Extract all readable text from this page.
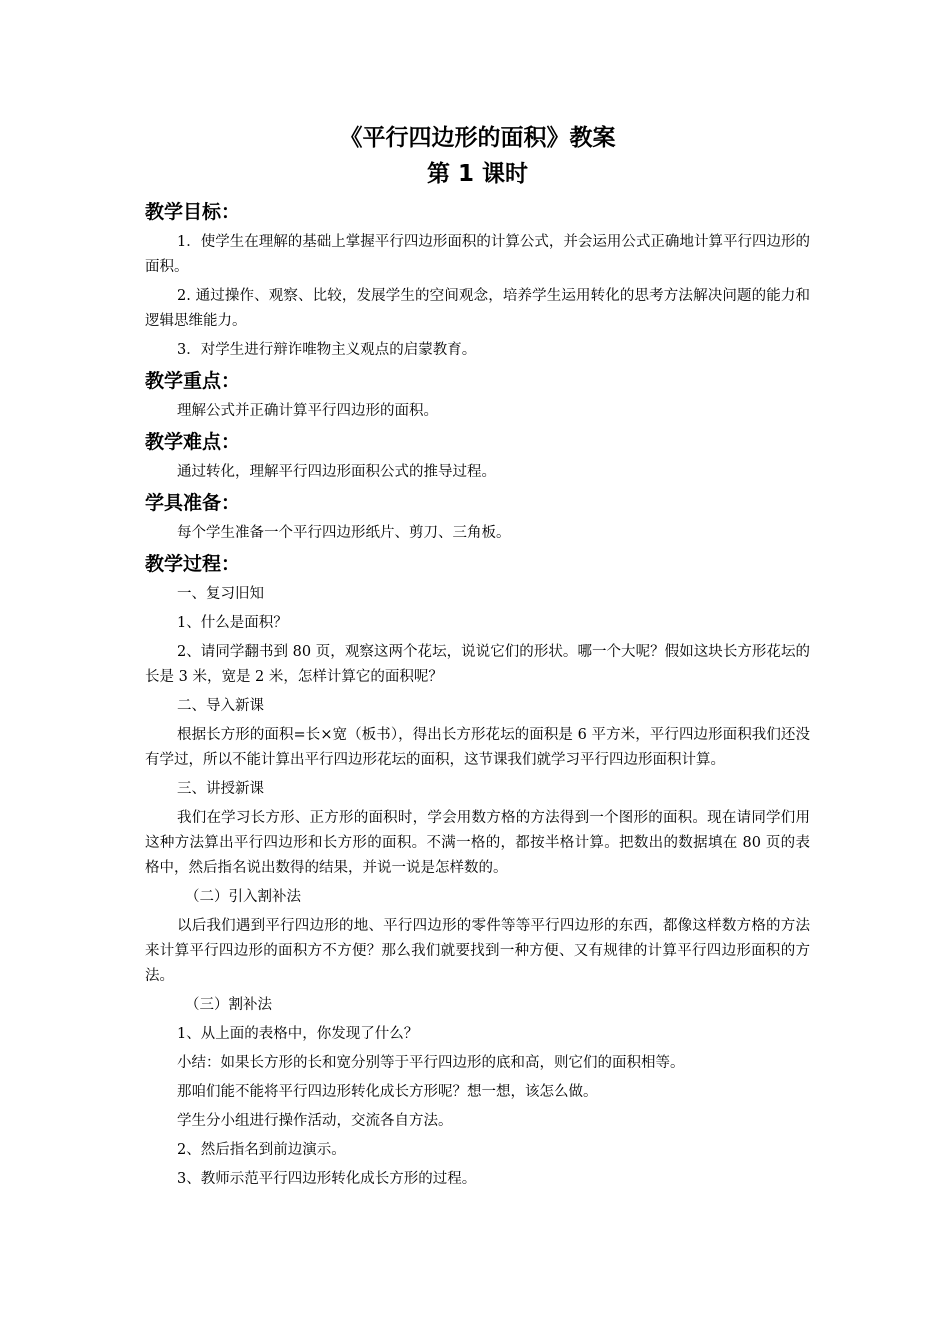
《平行四边形的面积》教案
第 1 课时
教学目标：

1．使学生在理解的基础上掌握平行四边形面积的计算公式，并会运用公式正确地计算平行四边形的面积。

2. 通过操作、观察、比较，发展学生的空间观念，培养学生运用转化的思考方法解决问题的能力和逻辑思维能力。

3．对学生进行辩诈唯物主义观点的启蒙教育。

教学重点：

理解公式并正确计算平行四边形的面积。

教学难点：

通过转化，理解平行四边形面积公式的推导过程。

学具准备：

每个学生准备一个平行四边形纸片、剪刀、三角板。

教学过程：

一、复习旧知

1、什么是面积？

2、请同学翻书到 80 页，观察这两个花坛，说说它们的形状。哪一个大呢？假如这块长方形花坛的长是 3 米，宽是 2 米，怎样计算它的面积呢？

二、导入新课

根据长方形的面积=长×宽（板书），得出长方形花坛的面积是 6 平方米，平行四边形面积我们还没有学过，所以不能计算出平行四边形花坛的面积，这节课我们就学习平行四边形面积计算。

三、讲授新课

我们在学习长方形、正方形的面积时，学会用数方格的方法得到一个图形的面积。现在请同学们用这种方法算出平行四边形和长方形的面积。不满一格的，都按半格计算。把数出的数据填在 80 页的表格中，然后指名说出数得的结果，并说一说是怎样数的。

（二）引入割补法

以后我们遇到平行四边形的地、平行四边形的零件等等平行四边形的东西，都像这样数方格的方法来计算平行四边形的面积方不方便？那么我们就要找到一种方便、又有规律的计算平行四边形面积的方法。

（三）割补法

1、从上面的表格中，你发现了什么？

小结：如果长方形的长和宽分别等于平行四边形的底和高，则它们的面积相等。

那咱们能不能将平行四边形转化成长方形呢？想一想，该怎么做。

学生分小组进行操作活动，交流各自方法。

2、然后指名到前边演示。

3、教师示范平行四边形转化成长方形的过程。
